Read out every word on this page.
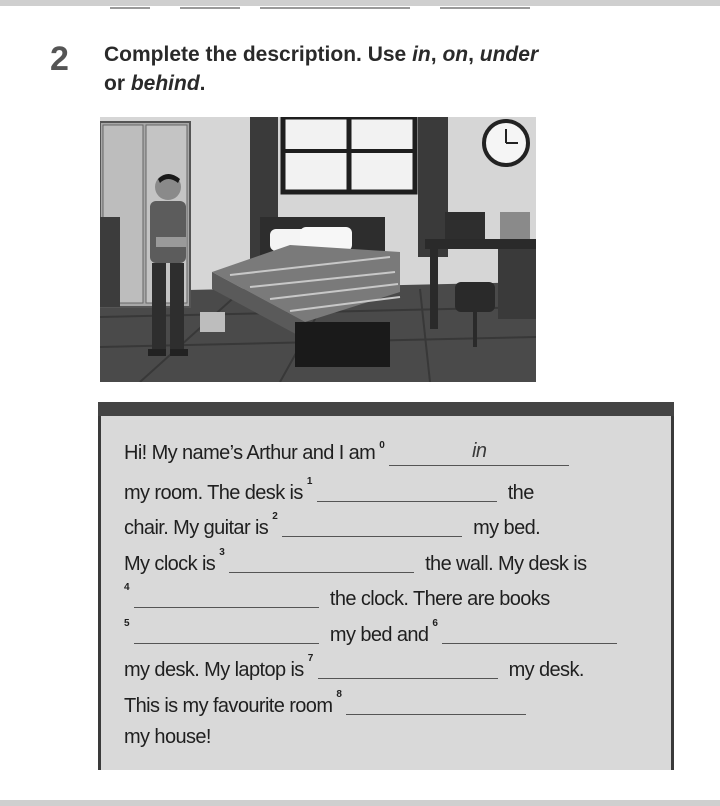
2 Complete the description. Use in, on, under
or behind.
Hi! My name’s Arthur and I am $^0$	in
my room. The desk $is^1$  the
chair. My guitar $is^2$  my bed.
My clock $is^3$  the wall. My desk is
$^4$  the clock. There are books
$^5$  my bed and$^6$
my desk. My laptop $is^7$  my desk.
This is my favourite room$^8$
my house!
